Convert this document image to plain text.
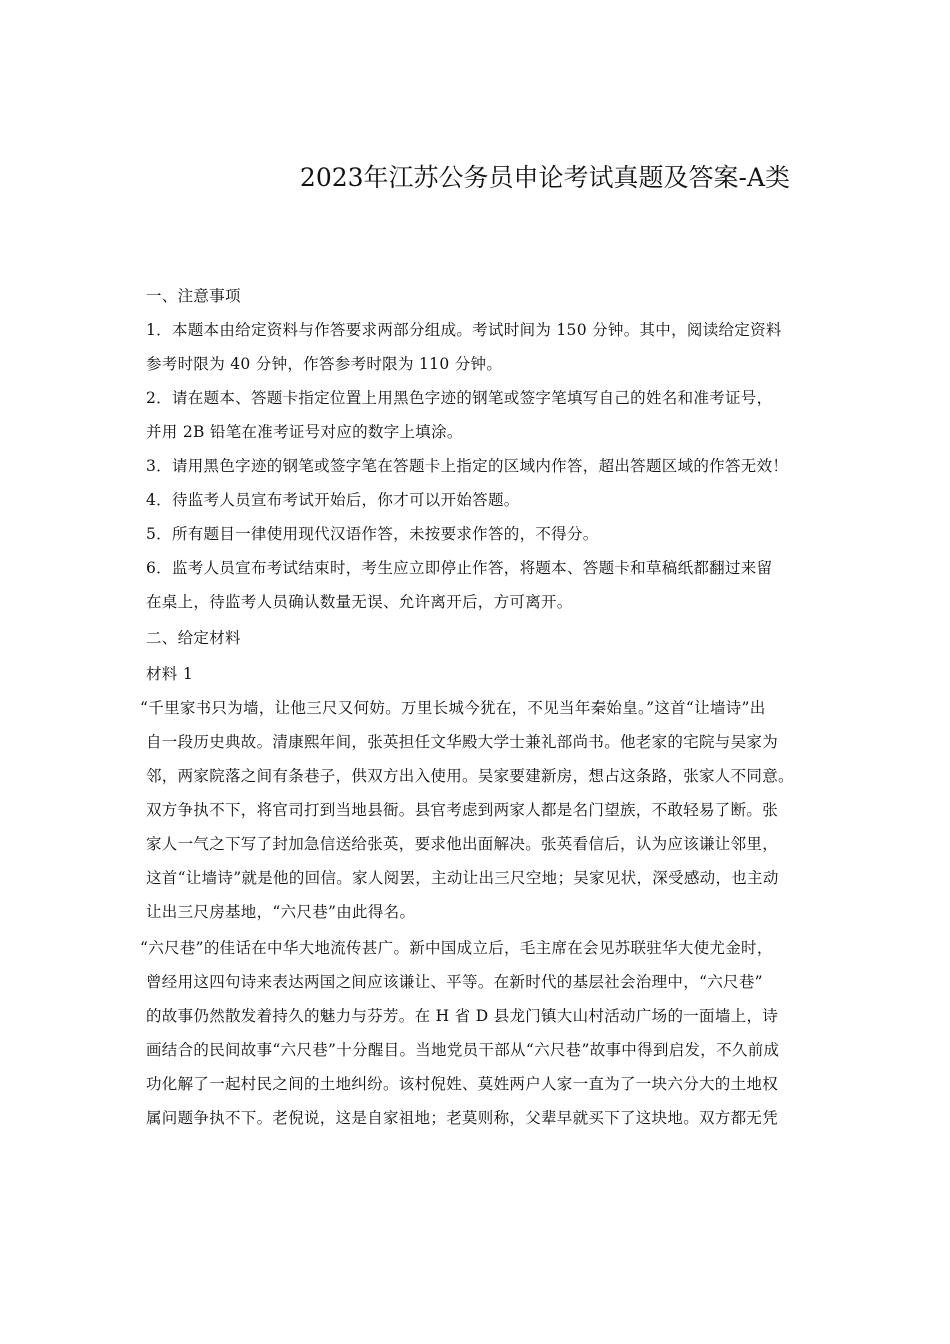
2023年江苏公务员申论考试真题及答案-A类
一、注意事项
1．本题本由给定资料与作答要求两部分组成。考试时间为 150 分钟。其中，阅读给定资料
参考时限为 40 分钟，作答参考时限为 110 分钟。
2．请在题本、答题卡指定位置上用黑色字迹的钢笔或签字笔填写自己的姓名和准考证号，
并用 2B 铅笔在准考证号对应的数字上填涂。
3．请用黑色字迹的钢笔或签字笔在答题卡上指定的区域内作答，超出答题区域的作答无效！
4．待监考人员宣布考试开始后，你才可以开始答题。
5．所有题目一律使用现代汉语作答，未按要求作答的，不得分。
6．监考人员宣布考试结束时，考生应立即停止作答，将题本、答题卡和草稿纸都翻过来留
在桌上，待监考人员确认数量无误、允许离开后，方可离开。
二、给定材料
材料 1
“千里家书只为墙，让他三尺又何妨。万里长城今犹在，不见当年秦始皇。”这首“让墙诗”出
自一段历史典故。清康熙年间，张英担任文华殿大学士兼礼部尚书。他老家的宅院与吴家为
邻，两家院落之间有条巷子，供双方出入使用。吴家要建新房，想占这条路，张家人不同意。
双方争执不下，将官司打到当地县衙。县官考虑到两家人都是名门望族，不敢轻易了断。张
家人一气之下写了封加急信送给张英，要求他出面解决。张英看信后，认为应该谦让邻里，
这首“让墙诗”就是他的回信。家人阅罢，主动让出三尺空地；吴家见状，深受感动，也主动
让出三尺房基地，“六尺巷”由此得名。
“六尺巷”的佳话在中华大地流传甚广。新中国成立后，毛主席在会见苏联驻华大使尤金时，
曾经用这四句诗来表达两国之间应该谦让、平等。在新时代的基层社会治理中，“六尺巷”
的故事仍然散发着持久的魅力与芬芳。在 H 省 D 县龙门镇大山村活动广场的一面墙上，诗
画结合的民间故事“六尺巷”十分醒目。当地党员干部从“六尺巷”故事中得到启发，不久前成
功化解了一起村民之间的土地纠纷。该村倪姓、莫姓两户人家一直为了一块六分大的土地权
属问题争执不下。老倪说，这是自家祖地；老莫则称，父辈早就买下了这块地。双方都无凭
